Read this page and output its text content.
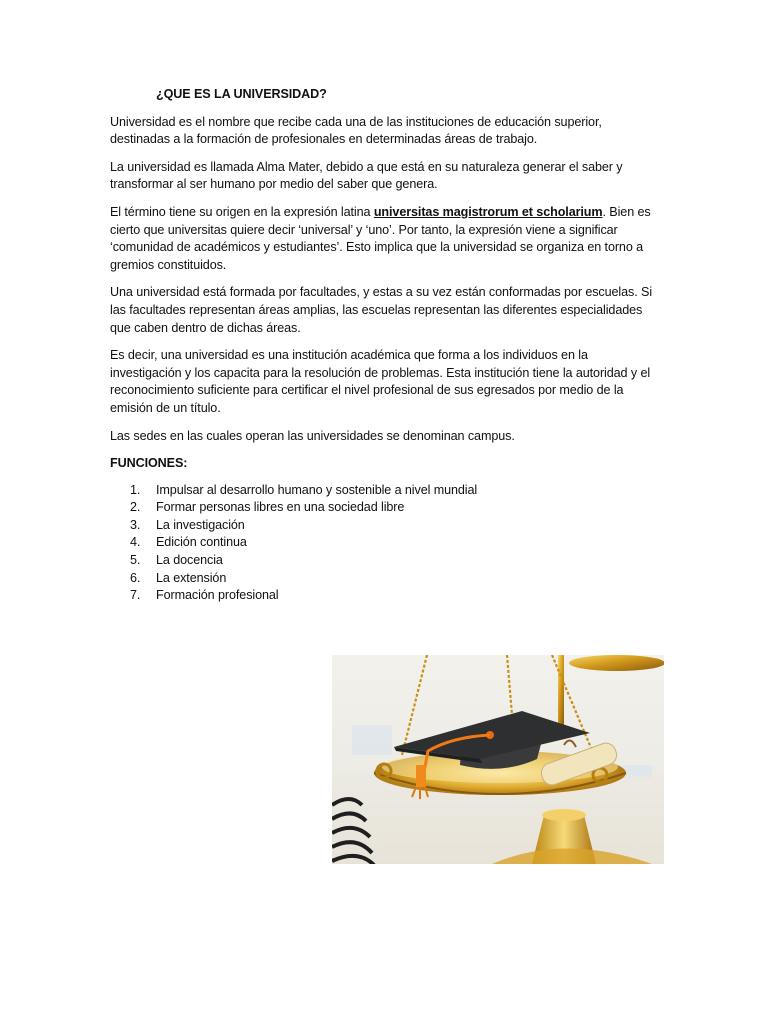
¿QUE ES LA UNIVERSIDAD?

Universidad es el nombre que recibe cada una de las instituciones de educación superior, destinadas a la formación de profesionales en determinadas áreas de trabajo.

La universidad es llamada Alma Mater, debido a que está en su naturaleza generar el saber y transformar al ser humano por medio del saber que genera.

El término tiene su origen en la expresión latina universitas magistrorum et scholarium. Bien es cierto que universitas quiere decir ‘universal’ y ‘uno’. Por tanto, la expresión viene a significar ‘comunidad de académicos y estudiantes’. Esto implica que la universidad se organiza en torno a gremios constituidos.

Una universidad está formada por facultades, y estas a su vez están conformadas por escuelas. Si las facultades representan áreas amplias, las escuelas representan las diferentes especialidades que caben dentro de dichas áreas.

Es decir, una universidad es una institución académica que forma a los individuos en la investigación y los capacita para la resolución de problemas. Esta institución tiene la autoridad y el reconocimiento suficiente para certificar el nivel profesional de sus egresados por medio de la emisión de un título.

Las sedes en las cuales operan las universidades se denominan campus.

FUNCIONES:
1.	Impulsar al desarrollo humano y sostenible a nivel mundial
2.	Formar personas libres en una sociedad libre
3.	La investigación
4.	Edición continua
5.	La docencia
6.	La extensión
7.	Formación profesional
